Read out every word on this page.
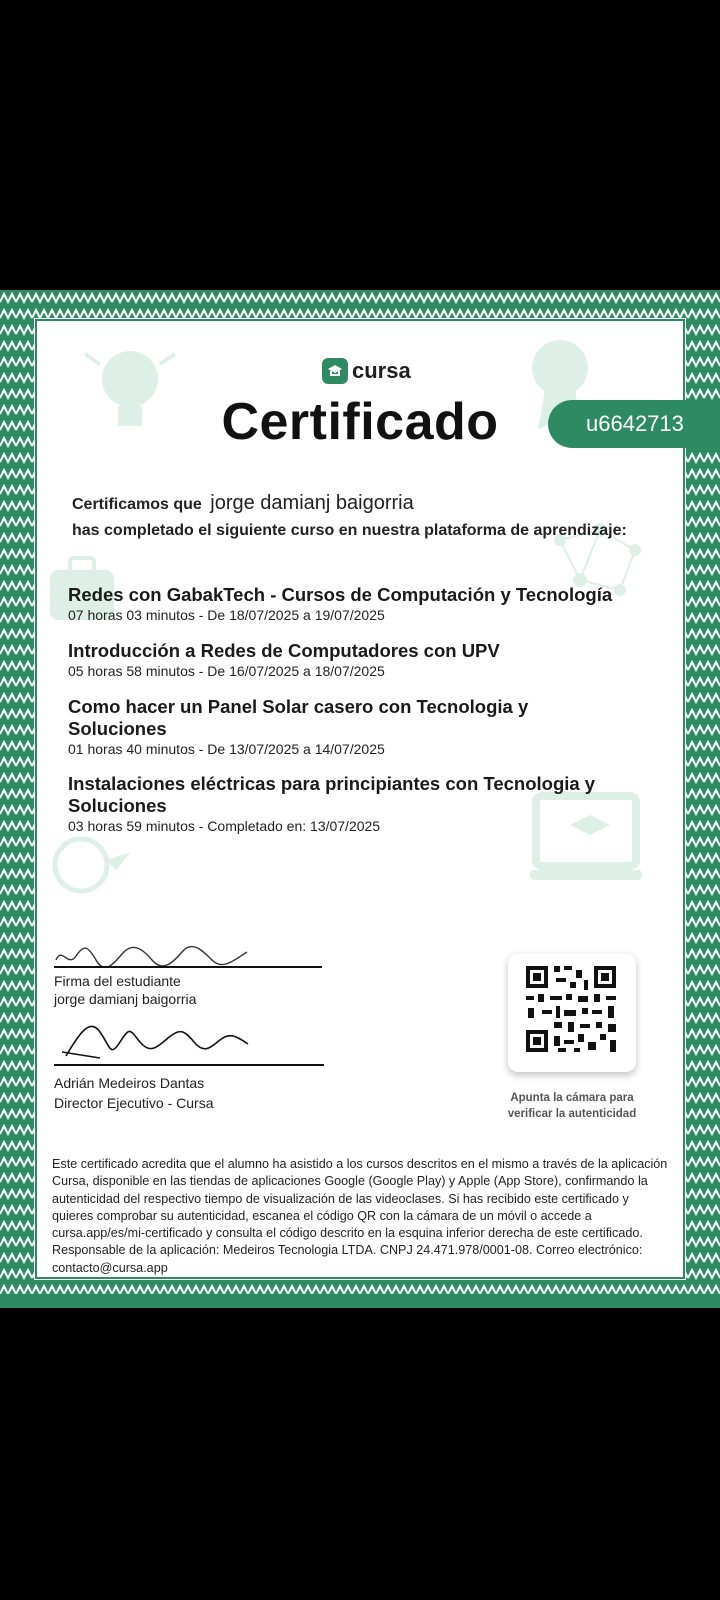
cursa
Certificado	u6642713
Certificamos que jorge damianj baigorria
has completado el siguiente curso en nuestra plataforma de aprendizaje:
Redes con GabakTech - Cursos de Computación y Tecnología
07 horas 03 minutos - De 18/07/2025 a 19/07/2025
Introducción a Redes de Computadores con UPV
05 horas 58 minutos - De 16/07/2025 a 18/07/2025
Como hacer un Panel Solar casero con Tecnologia y Soluciones
01 horas 40 minutos - De 13/07/2025 a 14/07/2025
Instalaciones eléctricas para principiantes con Tecnologia y Soluciones
03 horas 59 minutos - Completado en: 13/07/2025
Firma del estudiante
jorge damianj baigorria
Adrián Medeiros Dantas
Director Ejecutivo - Cursa	Apunta la cámara para
verificar la autenticidad
Este certificado acredita que el alumno ha asistido a los cursos descritos en el mismo a través de la aplicación Cursa, disponible en las tiendas de aplicaciones Google (Google Play) y Apple (App Store), confirmando la autenticidad del respectivo tiempo de visualización de las videoclases. Si has recibido este certificado y quieres comprobar su autenticidad, escanea el código QR con la cámara de un móvil o accede a cursa.app/es/mi-certificado y consulta el código descrito en la esquina inferior derecha de este certificado. Responsable de la aplicación: Medeiros Tecnologia LTDA. CNPJ 24.471.978/0001-08. Correo electrónico: contacto@cursa.app
